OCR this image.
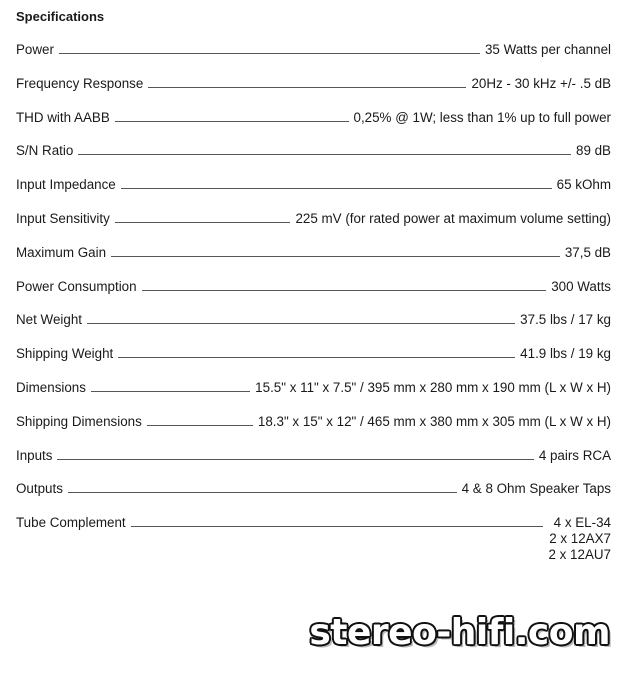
Specifications
Power	35 Watts per channel
Frequency Response	20Hz - 30 kHz +/- .5 dB
THD with AABB	0,25% @ 1W; less than 1% up to full power
S/N Ratio	89 dB
Input Impedance	65 kOhm
Input Sensitivity	225 mV (for rated power at maximum volume setting)
Maximum Gain	37,5 dB
Power Consumption	300 Watts
Net Weight	37.5 lbs / 17 kg
Shipping Weight	41.9 lbs / 19 kg
Dimensions	15.5" x 11" x 7.5" / 395 mm x 280 mm x 190 mm (L x W x H)
Shipping Dimensions	18.3" x 15" x 12" / 465 mm x 380 mm x 305 mm (L x W x H)
Inputs	4 pairs RCA
Outputs	4 & 8 Ohm Speaker Taps
Tube Complement	4 x EL-34
2 x 12AX7
2 x 12AU7
stereo-hifi.com
